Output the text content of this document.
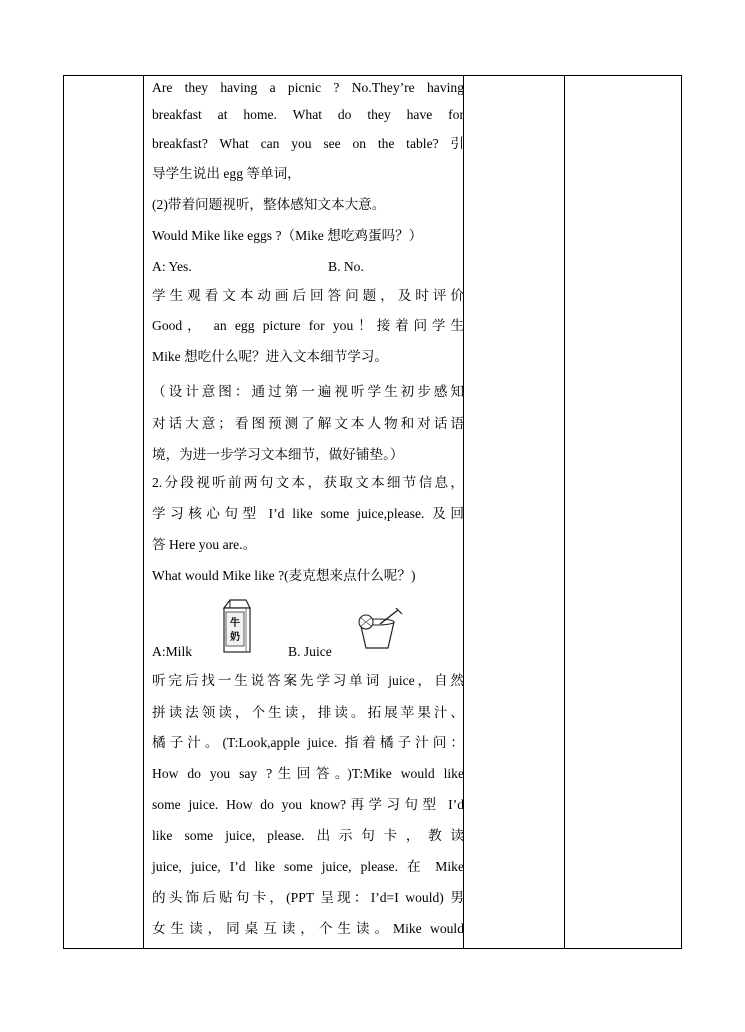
Are they having a picnic ? No.They’re having
breakfast at home. What do they have for
breakfast? What can you see on the table? 引
导学生说出 egg 等单词，
(2)带着问题视听，整体感知文本大意。
Would Mike like eggs ?（Mike 想吃鸡蛋吗？）
A: Yes.	B. No.
学生观看文本动画后回答问题，及时评价
Good， an egg picture for you！接着问学生
Mike 想吃什么呢？进入文本细节学习。
（设计意图：通过第一遍视听学生初步感知
对话大意；看图预测了解文本人物和对话语
境，为进一步学习文本细节，做好铺垫。）
2.分段视听前两句文本，获取文本细节信息，
学习核心句型 I’d like some juice,please. 及回
答 Here you are.。
What would Mike like ?(麦克想来点什么呢？)
牛
奶
A:Milk	B. Juice
听完后找一生说答案先学习单词 juice，自然
拼读法领读，个生读，排读。拓展苹果汁、
橘子汁。(T:Look,apple juice. 指着橘子汁问：
How do you say ?生回答。)T:Mike would like
some juice. How do you know?再学习句型 I’d
like some juice, please. 出示句卡，教读
juice, juice, I’d like some juice, please. 在 Mike
的头饰后贴句卡，(PPT 呈现：I’d=I would) 男
女生读，同桌互读，个生读。Mike would
